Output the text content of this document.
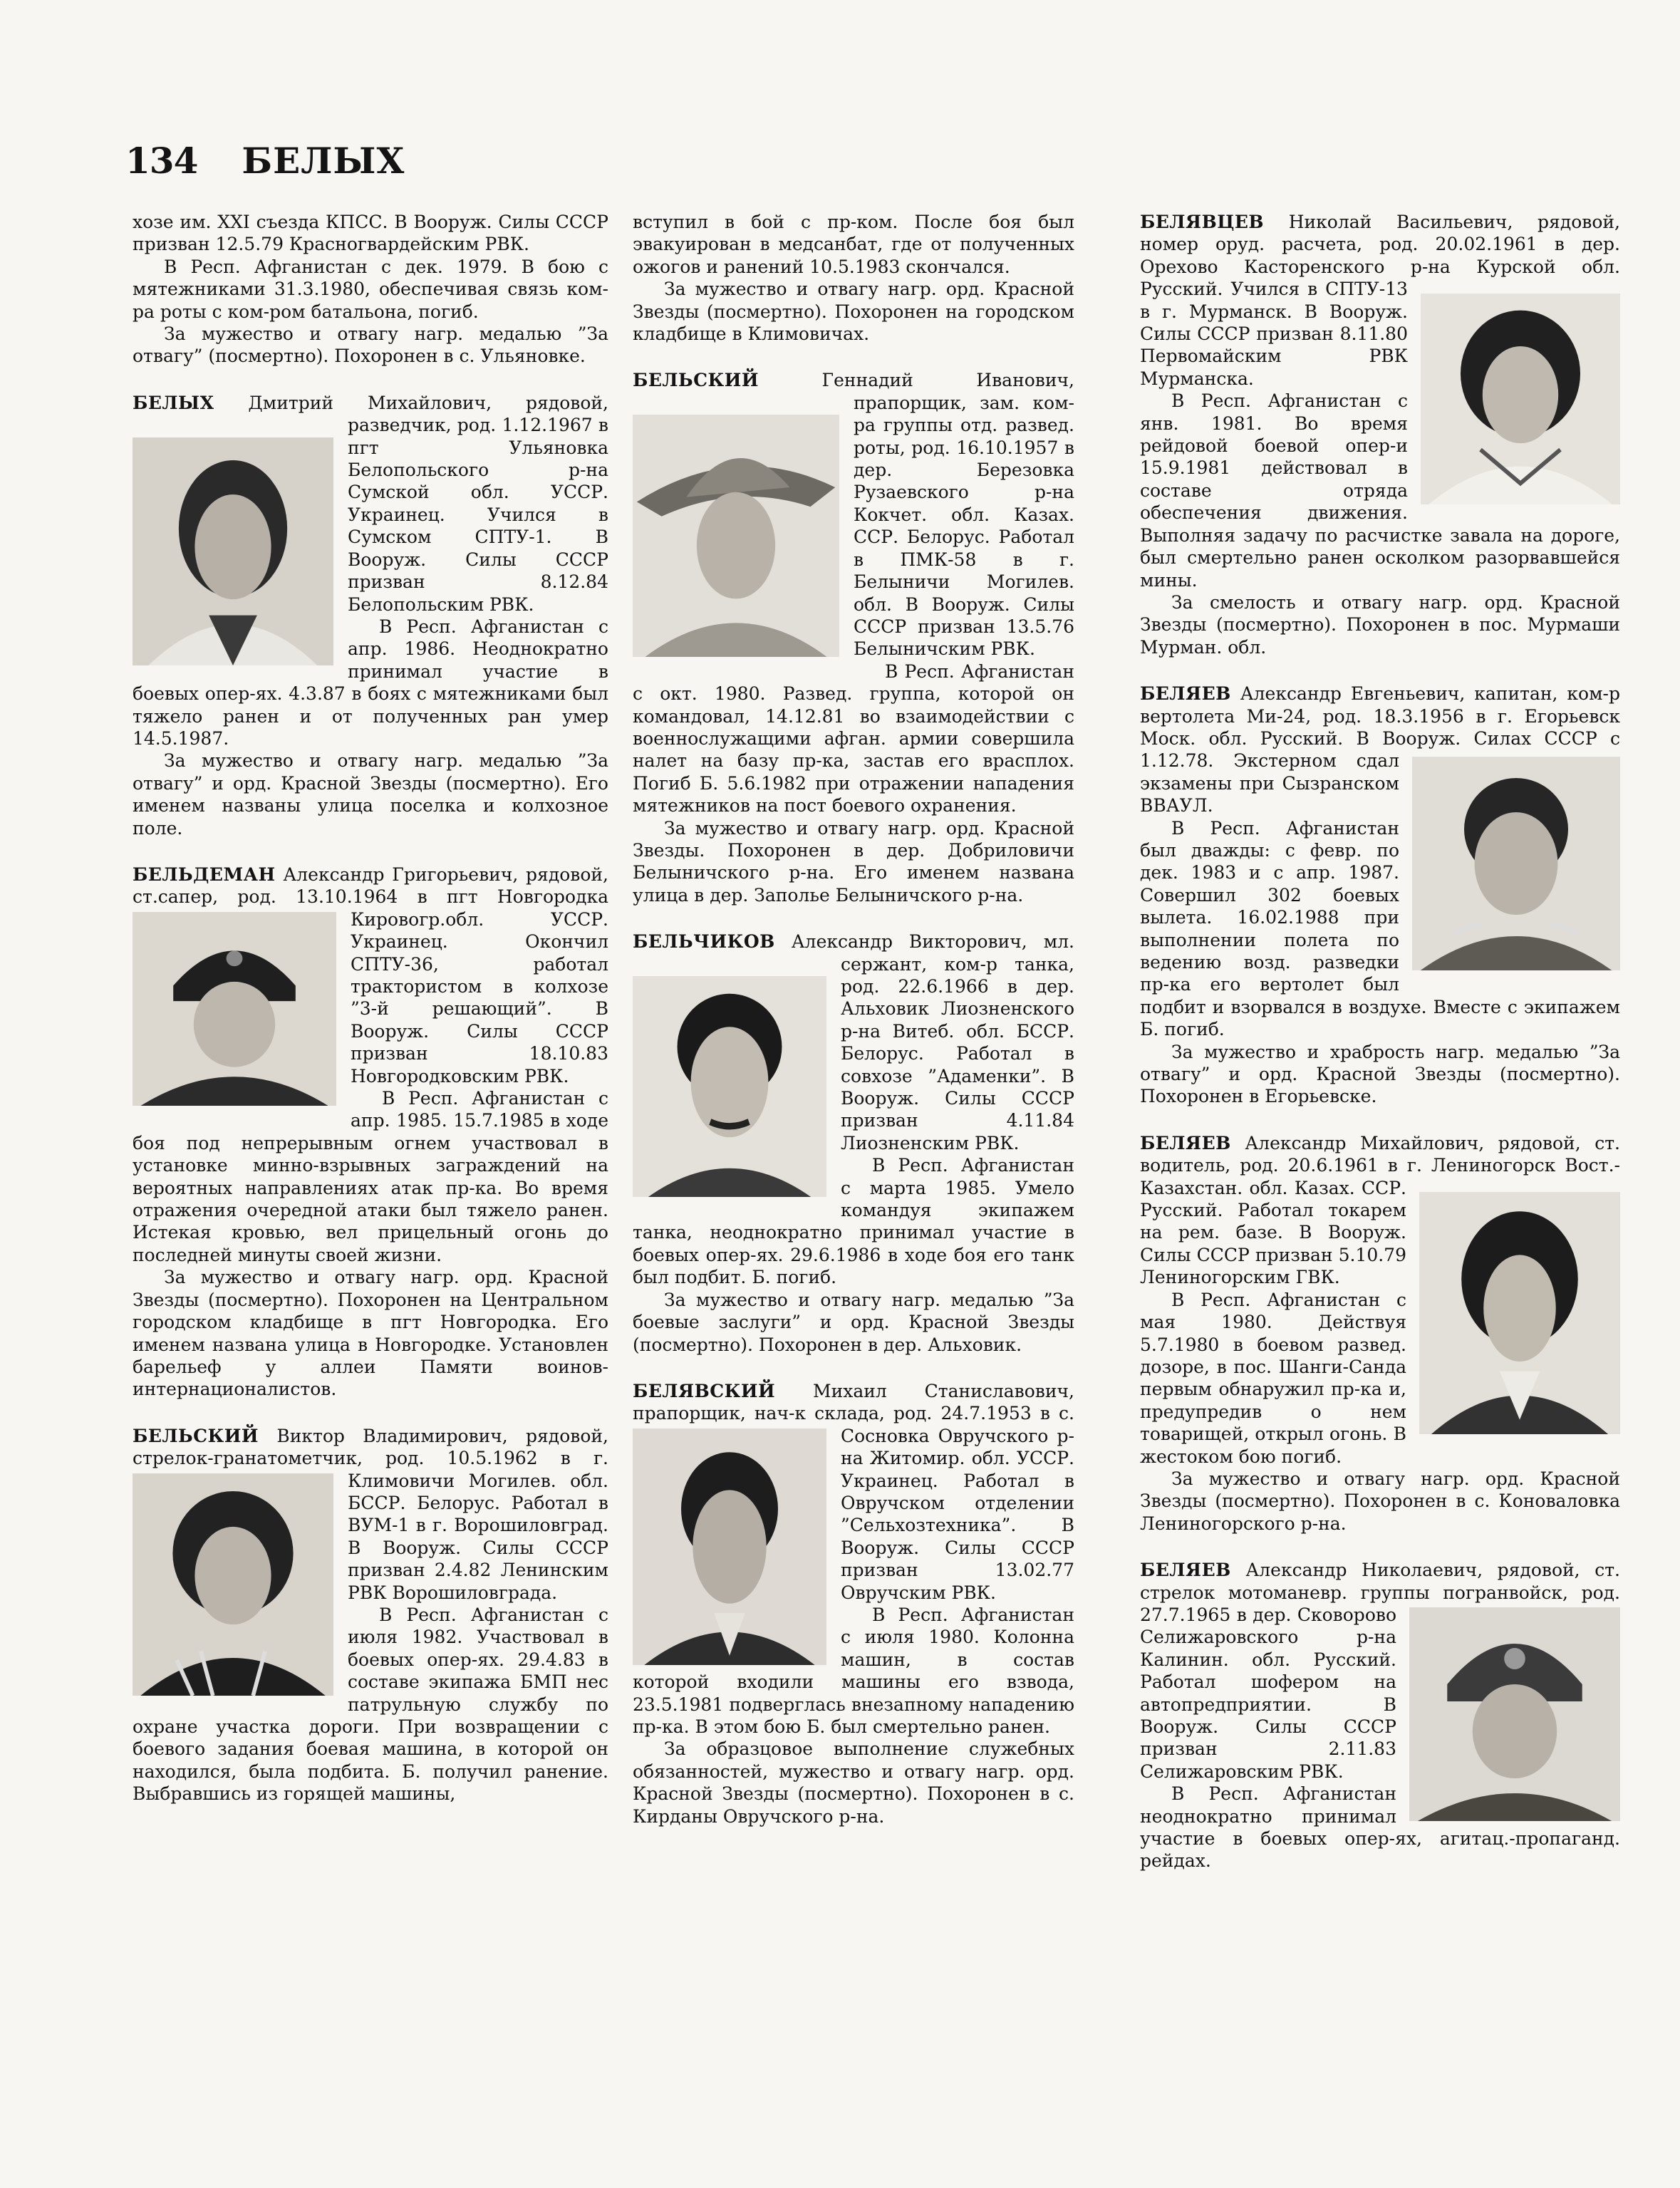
134 БЕЛЫХ

хозе им. XXI съезда КПСС. В Вооруж. Силы СССР призван 12.5.79 Красногвардейским РВК.

В Респ. Афганистан с дек. 1979. В бою с мятежниками 31.3.1980, обеспечивая связь ком-ра роты с ком-ром батальона, погиб.

За мужество и отвагу нагр. медалью ”За отвагу” (посмертно). Похоронен в с. Ульяновке.

БЕЛЫХ Дмитрий Михайлович, рядовой, разведчик, род. 1.12.1967 в пгт Ульяновка Белопольского р-на Сумской обл. УССР. Украинец. Учился в Сумском СПТУ-1. В Вооруж. Силы СССР призван 8.12.84 Белопольским РВК.

В Респ. Афганистан с апр. 1986. Неоднократно принимал участие в боевых опер-ях. 4.3.87 в боях с мятежниками был тяжело ранен и от полученных ран умер 14.5.1987.

За мужество и отвагу нагр. медалью ”За отвагу” и орд. Красной Звезды (посмертно). Его именем названы улица поселка и колхозное поле.

БЕЛЬДЕМАН Александр Григорьевич, рядовой, ст.сапер, род. 13.10.1964 в пгт Новгородка Кировогр.обл. УССР. Украинец. Окончил СПТУ-36, работал трактористом в колхозе ”3-й решающий”. В Вооруж. Силы СССР призван 18.10.83 Новгородковским РВК.

В Респ. Афганистан с апр. 1985. 15.7.1985 в ходе боя под непрерывным огнем участвовал в установке минно-взрывных заграждений на вероятных направлениях атак пр-ка. Во время отражения очередной атаки был тяжело ранен. Истекая кровью, вел прицельный огонь до последней минуты своей жизни.

За мужество и отвагу нагр. орд. Красной Звезды (посмертно). Похоронен на Центральном городском кладбище в пгт Новгородка. Его именем названа улица в Новгородке. Установлен барельеф у аллеи Памяти воинов-интернационалистов.

БЕЛЬСКИЙ Виктор Владимирович, рядовой, стрелок-гранатометчик, род. 10.5.1962 в г. Климовичи Могилев. обл. БССР. Белорус. Работал в ВУМ-1 в г. Ворошиловград. В Вооруж. Силы СССР призван 2.4.82 Ленинским РВК Ворошиловграда.

В Респ. Афганистан с июля 1982. Участвовал в боевых опер-ях. 29.4.83 в составе экипажа БМП нес патрульную службу по охране участка дороги. При возвращении с боевого задания боевая машина, в которой он находился, была подбита. Б. получил ранение. Выбравшись из горящей машины,

вступил в бой с пр-ком. После боя был эвакуирован в медсанбат, где от полученных ожогов и ранений 10.5.1983 скончался.

За мужество и отвагу нагр. орд. Красной Звезды (посмертно). Похоронен на городском кладбище в Климовичах.

БЕЛЬСКИЙ Геннадий Иванович, прапорщик, зам. ком-ра группы отд. развед. роты, род. 16.10.1957 в дер. Березовка Рузаевского р-на Кокчет. обл. Казах. ССР. Белорус. Работал в ПМК-58 в г. Белыничи Могилев. обл. В Вооруж. Силы СССР призван 13.5.76 Белыничским РВК.

В Респ. Афганистан с окт. 1980. Развед. группа, которой он командовал, 14.12.81 во взаимодействии с военнослужащими афган. армии совершила налет на базу пр-ка, застав его врасплох. Погиб Б. 5.6.1982 при отражении нападения мятежников на пост боевого охранения.

За мужество и отвагу нагр. орд. Красной Звезды. Похоронен в дер. Добриловичи Белыничского р-на. Его именем названа улица в дер. Заполье Белыничского р-на.

БЕЛЬЧИКОВ Александр Викторович, мл. сержант, ком-р танка, род. 22.6.1966 в дер. Альховик Лиозненского р-на Витеб. обл. БССР. Белорус. Работал в совхозе ”Адаменки”. В Вооруж. Силы СССР призван 4.11.84 Лиозненским РВК.

В Респ. Афганистан с марта 1985. Умело командуя экипажем танка, неоднократно принимал участие в боевых опер-ях. 29.6.1986 в ходе боя его танк был подбит. Б. погиб.

За мужество и отвагу нагр. медалью ”За боевые заслуги” и орд. Красной Звезды (посмертно). Похоронен в дер. Альховик.

БЕЛЯВСКИЙ Михаил Станиславович, прапорщик, нач-к склада, род. 24.7.1953 в с. Сосновка Овручского р-на Житомир. обл. УССР. Украинец. Работал в Овручском отделении ”Сельхозтехника”. В Вооруж. Силы СССР призван 13.02.77 Овручским РВК.

В Респ. Афганистан с июля 1980. Колонна машин, в состав которой входили машины его взвода, 23.5.1981 подверглась внезапному нападению пр-ка. В этом бою Б. был смертельно ранен.

За образцовое выполнение служебных обязанностей, мужество и отвагу нагр. орд. Красной Звезды (посмертно). Похоронен в с. Кирданы Овручского р-на.

БЕЛЯВЦЕВ Николай Васильевич, рядовой, номер оруд. расчета, род. 20.02.1961 в дер. Орехово Касторенского р-на Курской обл. Русский. Учился в СПТУ-13 в г. Мурманск. В Вооруж. Силы СССР призван 8.11.80 Первомайским РВК Мурманска.

В Респ. Афганистан с янв. 1981. Во время рейдовой боевой опер-и 15.9.1981 действовал в составе отряда обеспечения движения. Выполняя задачу по расчистке завала на дороге, был смертельно ранен осколком разорвавшейся мины.

За смелость и отвагу нагр. орд. Красной Звезды (посмертно). Похоронен в пос. Мурмаши Мурман. обл.

БЕЛЯЕВ Александр Евгеньевич, капитан, ком-р вертолета Ми-24, род. 18.3.1956 в г. Егорьевск Моск. обл. Русский. В Вооруж. Силах СССР с 1.12.78. Экстерном сдал экзамены при Сызранском ВВАУЛ.

В Респ. Афганистан был дважды: с февр. по дек. 1983 и с апр. 1987. Совершил 302 боевых вылета. 16.02.1988 при выполнении полета по ведению возд. разведки пр-ка его вертолет был подбит и взорвался в воздухе. Вместе с экипажем Б. погиб.

За мужество и храбрость нагр. медалью ”За отвагу” и орд. Красной Звезды (посмертно). Похоронен в Егорьевске.

БЕЛЯЕВ Александр Михайлович, рядовой, ст. водитель, род. 20.6.1961 в г. Лениногорск Вост.-Казахстан. обл. Казах. ССР. Русский. Работал токарем на рем. базе. В Вооруж. Силы СССР призван 5.10.79 Лениногорским ГВК.

В Респ. Афганистан с мая 1980. Действуя 5.7.1980 в боевом развед. дозоре, в пос. Шанги-Санда первым обнаружил пр-ка и, предупредив о нем товарищей, открыл огонь. В жестоком бою погиб.

За мужество и отвагу нагр. орд. Красной Звезды (посмертно). Похоронен в с. Коноваловка Лениногорского р-на.

БЕЛЯЕВ Александр Николаевич, рядовой, ст. стрелок мотоманевр. группы погранвойск, род. 27.7.1965 в дер. Сковорово Селижаровского р-на Калинин. обл. Русский. Работал шофером на автопредприятии. В Вооруж. Силы СССР призван 2.11.83 Селижаровским РВК.

В Респ. Афганистан неоднократно принимал участие в боевых опер-ях, агитац.-пропаганд. рейдах.
